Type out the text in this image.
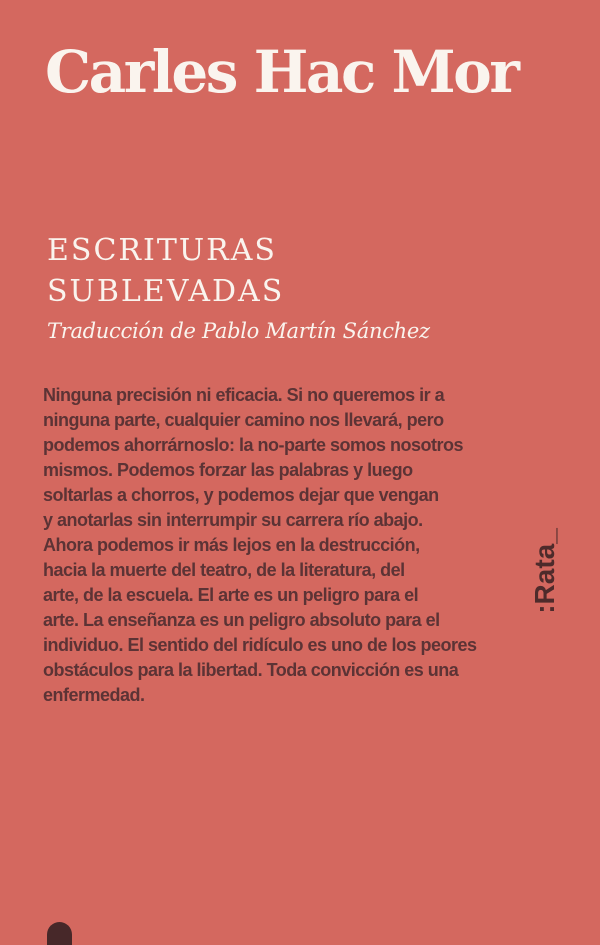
Carles Hac Mor
ESCRITURAS
SUBLEVADAS
Traducción de Pablo Martín Sánchez
Ninguna precisión ni eficacia. Si no queremos ir a
ninguna parte, cualquier camino nos llevará, pero
podemos ahorrárnoslo: la no-parte somos nosotros
mismos. Podemos forzar las palabras y luego
soltarlas a chorros, y podemos dejar que vengan
y anotarlas sin interrumpir su carrera río abajo.
Ahora podemos ir más lejos en la destrucción,
hacia la muerte del teatro, de la literatura, del
arte, de la escuela. El arte es un peligro para el
arte. La enseñanza es un peligro absoluto para el
individuo. El sentido del ridículo es uno de los peores
obstáculos para la libertad. Toda convicción es una
enfermedad.
:Rata_
